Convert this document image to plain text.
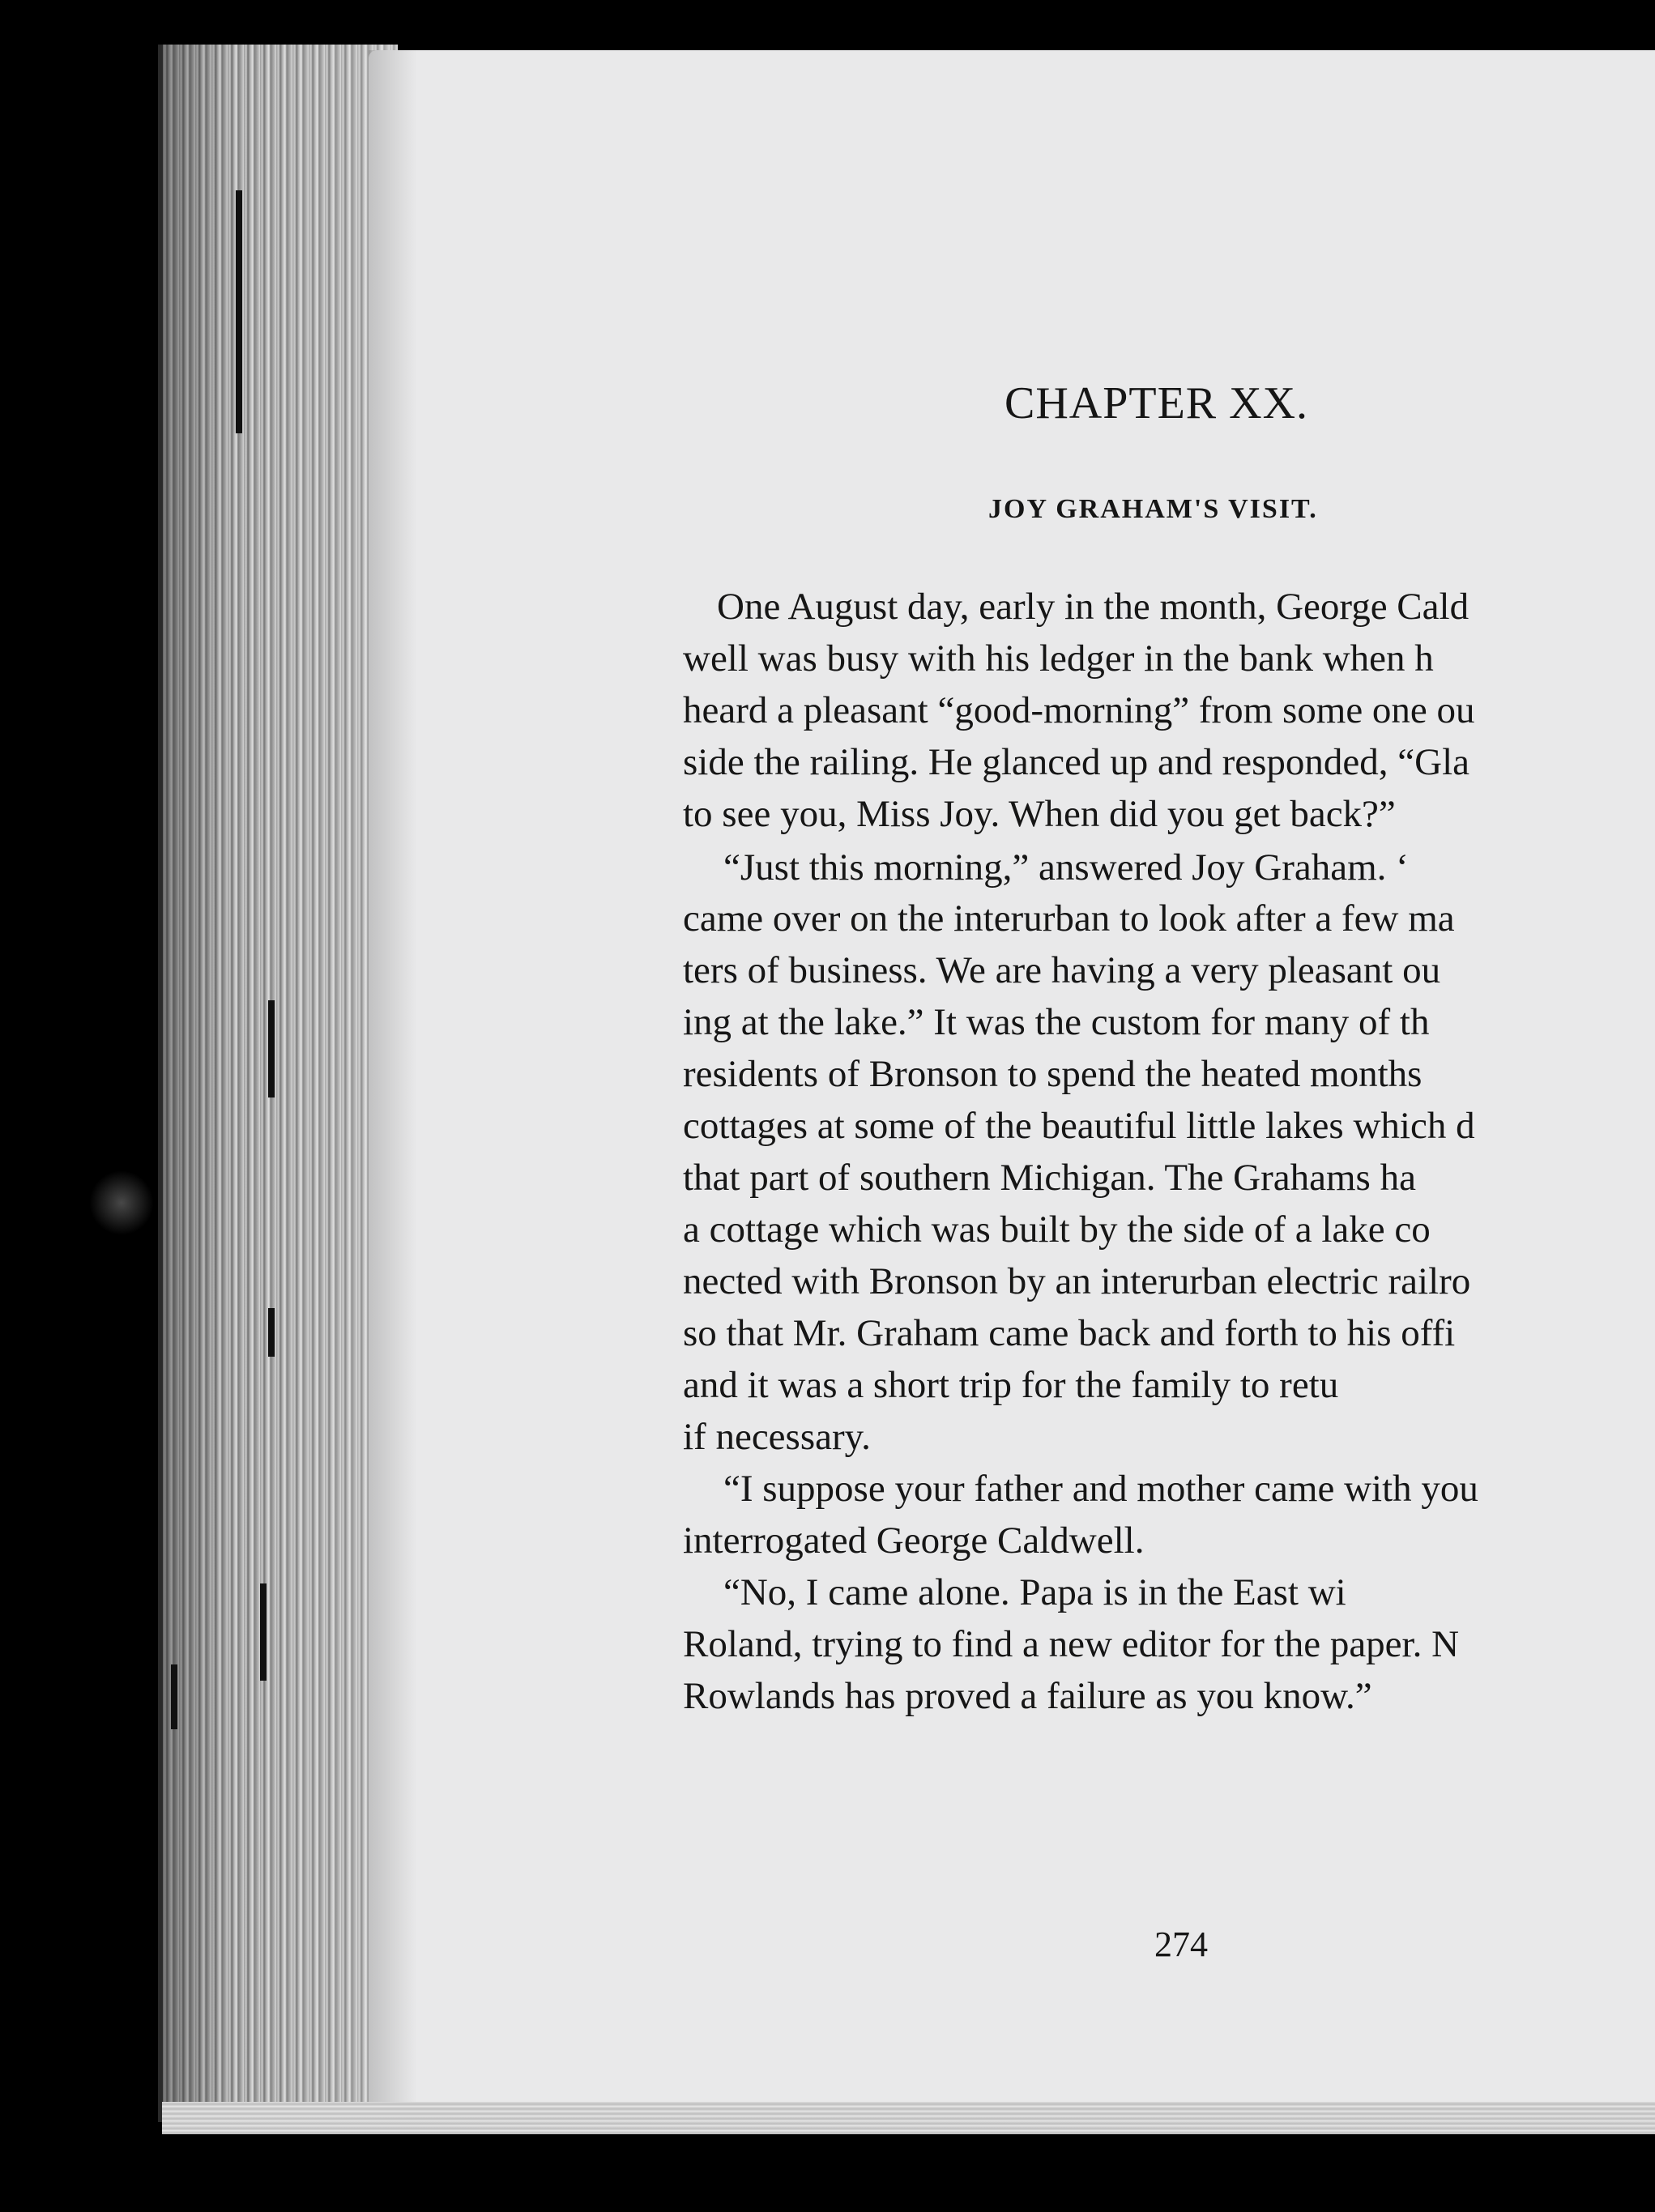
CHAPTER XX.
JOY GRAHAM'S VISIT.
One August day, early in the month, George Cald
well was busy with his ledger in the bank when h
heard a pleasant “good-morning” from some one ou
side the railing. He glanced up and responded, “Gla
to see you, Miss Joy. When did you get back?”
“Just this morning,” answered Joy Graham. ‘
came over on the interurban to look after a few ma
ters of business. We are having a very pleasant ou
ing at the lake.” It was the custom for many of th
residents of Bronson to spend the heated months
cottages at some of the beautiful little lakes which d
that part of southern Michigan. The Grahams ha
a cottage which was built by the side of a lake co
nected with Bronson by an interurban electric railro
so that Mr. Graham came back and forth to his offi
and it was a short trip for the family to retu
if necessary.
“I suppose your father and mother came with you
interrogated George Caldwell.
“No, I came alone. Papa is in the East wi
Roland, trying to find a new editor for the paper. N
Rowlands has proved a failure as you know.”
274
